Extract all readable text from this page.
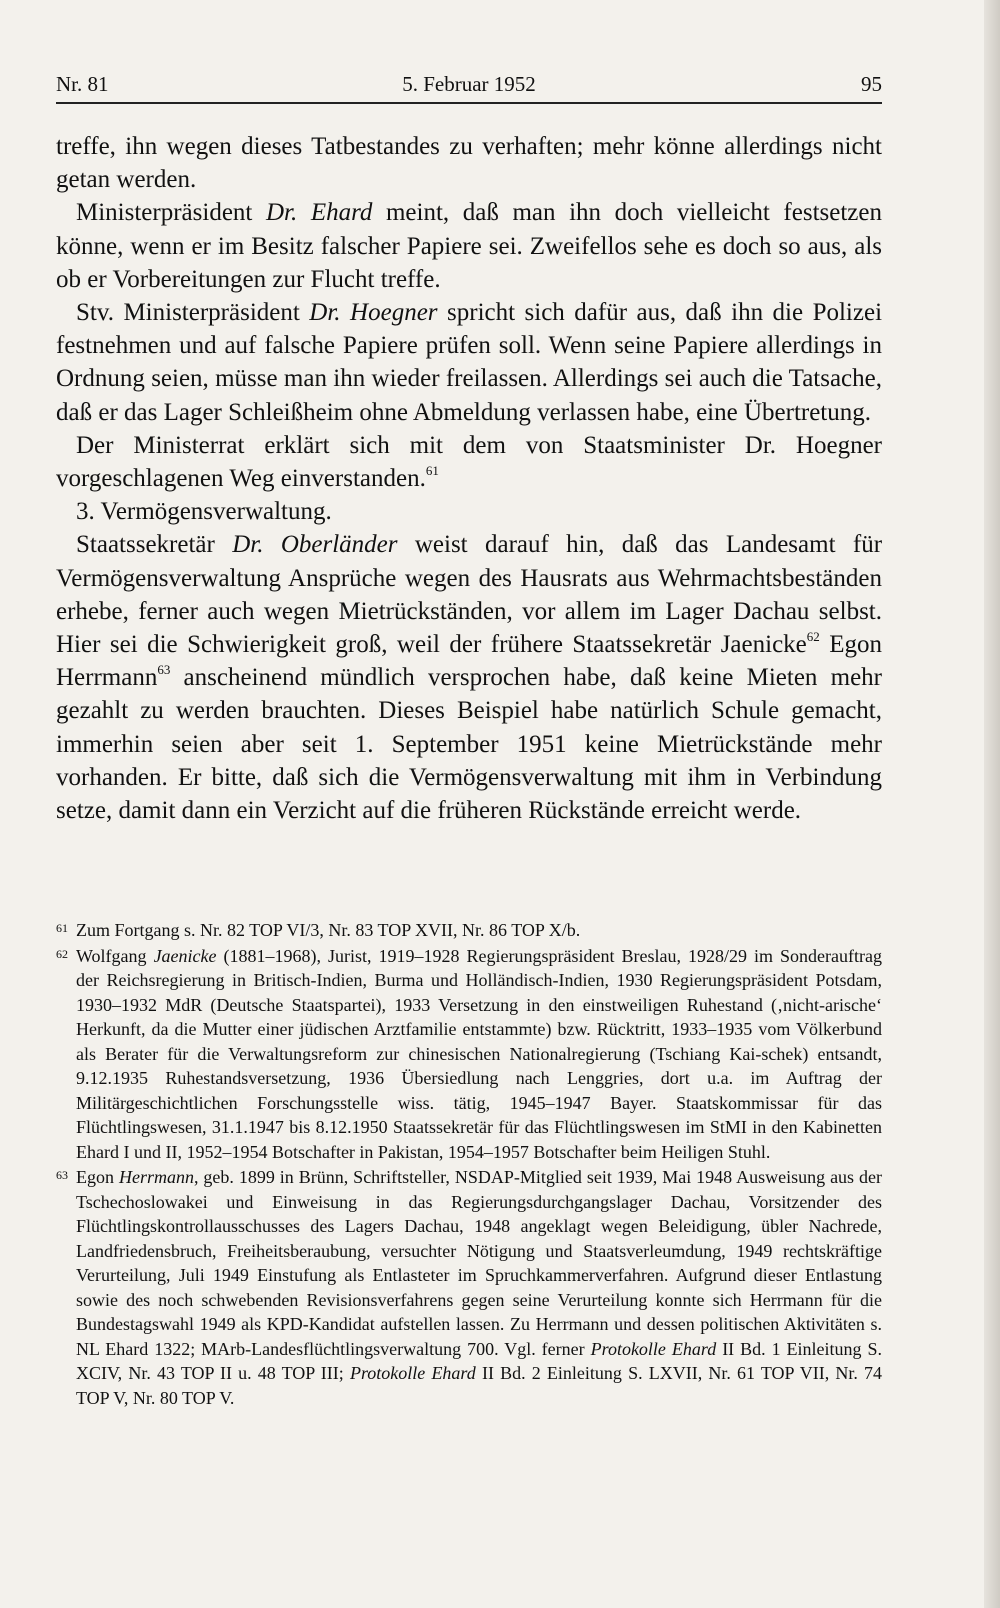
Nr. 81	5. Februar 1952	95

treffe, ihn wegen dieses Tatbestandes zu verhaften; mehr könne allerdings nicht getan werden.

Ministerpräsident Dr. Ehard meint, daß man ihn doch vielleicht festsetzen könne, wenn er im Besitz falscher Papiere sei. Zweifellos sehe es doch so aus, als ob er Vorbereitungen zur Flucht treffe.

Stv. Ministerpräsident Dr. Hoegner spricht sich dafür aus, daß ihn die Polizei festnehmen und auf falsche Papiere prüfen soll. Wenn seine Papiere allerdings in Ordnung seien, müsse man ihn wieder freilassen. Allerdings sei auch die Tatsache, daß er das Lager Schleißheim ohne Abmeldung verlassen habe, eine Übertretung.

Der Ministerrat erklärt sich mit dem von Staatsminister Dr. Hoegner vorgeschlagenen Weg einverstanden.$^{61}$

3. Vermögensverwaltung.

Staatssekretär Dr. Oberländer weist darauf hin, daß das Landesamt für Vermögensverwaltung Ansprüche wegen des Hausrats aus Wehrmachtsbeständen erhebe, ferner auch wegen Mietrückständen, vor allem im Lager Dachau selbst. Hier sei die Schwierigkeit groß, weil der frühere Staatssekretär Jaenicke$^{62}$ Egon Herrmann$^{63}$ anscheinend mündlich versprochen habe, daß keine Mieten mehr gezahlt zu werden brauchten. Dieses Beispiel habe natürlich Schule gemacht, immerhin seien aber seit 1. September 1951 keine Mietrückstände mehr vorhanden. Er bitte, daß sich die Vermögensverwaltung mit ihm in Verbindung setze, damit dann ein Verzicht auf die früheren Rückstände erreicht werde.

61 Zum Fortgang s. Nr. 82 TOP VI/3, Nr. 83 TOP XVII, Nr. 86 TOP X/b.

62 Wolfgang Jaenicke (1881–1968), Jurist, 1919–1928 Regierungspräsident Breslau, 1928/29 im Sonderauftrag der Reichsregierung in Britisch-Indien, Burma und Holländisch-Indien, 1930 Regierungspräsident Potsdam, 1930–1932 MdR (Deutsche Staatspartei), 1933 Versetzung in den einstweiligen Ruhestand (‚nicht-arische‘ Herkunft, da die Mutter einer jüdischen Arztfamilie entstammte) bzw. Rücktritt, 1933–1935 vom Völkerbund als Berater für die Verwaltungsreform zur chinesischen Nationalregierung (Tschiang Kai-schek) entsandt, 9.12.1935 Ruhestandsversetzung, 1936 Übersiedlung nach Lenggries, dort u.a. im Auftrag der Militärgeschichtlichen Forschungsstelle wiss. tätig, 1945–1947 Bayer. Staatskommissar für das Flüchtlingswesen, 31.1.1947 bis 8.12.1950 Staatssekretär für das Flüchtlingswesen im StMI in den Kabinetten Ehard I und II, 1952–1954 Botschafter in Pakistan, 1954–1957 Botschafter beim Heiligen Stuhl.

63 Egon Herrmann, geb. 1899 in Brünn, Schriftsteller, NSDAP-Mitglied seit 1939, Mai 1948 Ausweisung aus der Tschechoslowakei und Einweisung in das Regierungsdurchgangslager Dachau, Vorsitzender des Flüchtlingskontrollausschusses des Lagers Dachau, 1948 angeklagt wegen Beleidigung, übler Nachrede, Landfriedensbruch, Freiheitsberaubung, versuchter Nötigung und Staatsverleumdung, 1949 rechtskräftige Verurteilung, Juli 1949 Einstufung als Entlasteter im Spruchkammerverfahren. Aufgrund dieser Entlastung sowie des noch schwebenden Revisionsverfahrens gegen seine Verurteilung konnte sich Herrmann für die Bundestagswahl 1949 als KPD-Kandidat aufstellen lassen. Zu Herrmann und dessen politischen Aktivitäten s. NL Ehard 1322; MArb-Landesflüchtlingsverwaltung 700. Vgl. ferner Protokolle Ehard II Bd. 1 Einleitung S. XCIV, Nr. 43 TOP II u. 48 TOP III; Protokolle Ehard II Bd. 2 Einleitung S. LXVII, Nr. 61 TOP VII, Nr. 74 TOP V, Nr. 80 TOP V.
